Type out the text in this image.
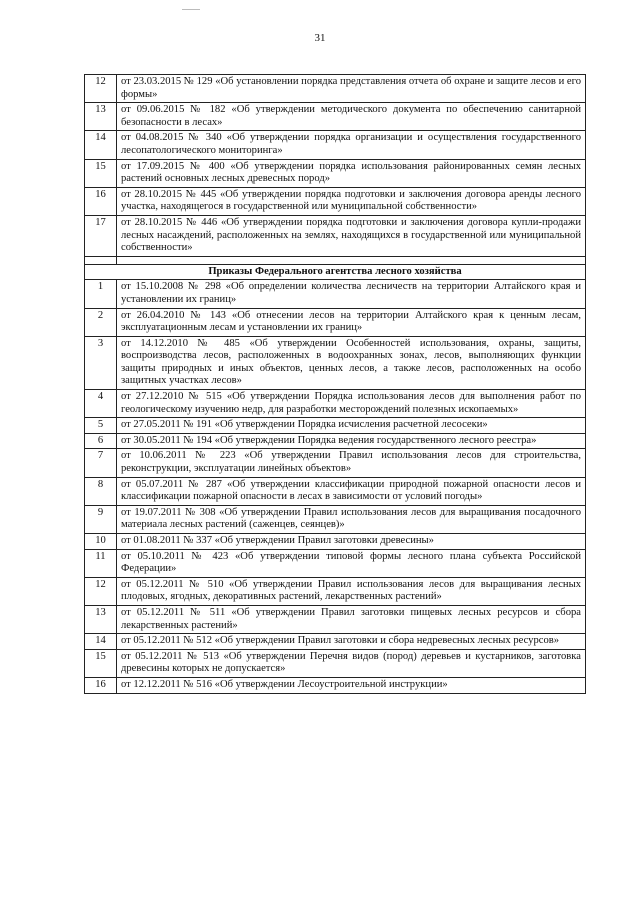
31
12	от 23.03.2015 № 129 «Об установлении порядка представления отчета об охране и защите лесов и его формы»
13	от 09.06.2015 № 182 «Об утверждении методического документа по обеспечению санитарной безопасности в лесах»
14	от 04.08.2015 № 340 «Об утверждении порядка организации и осуществления государственного лесопатологического мониторинга»
15	от 17.09.2015 № 400 «Об утверждении порядка использования районированных семян лесных растений основных лесных древесных пород»
16	от 28.10.2015 № 445 «Об утверждении порядка подготовки и заключения договора аренды лесного участка, находящегося в государственной или муниципальной собственности»
17	от 28.10.2015 № 446 «Об утверждении порядка подготовки и заключения договора купли-продажи лесных насаждений, расположенных на землях, находящихся в государственной или муниципальной собственности»

Приказы Федерального агентства лесного хозяйства	
1	от 15.10.2008 № 298 «Об определении количества лесничеств на территории Алтайского края и установлении их границ»
2	от 26.04.2010 № 143 «Об отнесении лесов на территории Алтайского края к ценным лесам, эксплуатационным лесам и установлении их границ»
3	от 14.12.2010 № 485 «Об утверждении Особенностей использования, охраны, защиты, воспроизводства лесов, расположенных в водоохранных зонах, лесов, выполняющих функции защиты природных и иных объектов, ценных лесов, а также лесов, расположенных на особо защитных участках лесов»
4	от 27.12.2010 № 515 «Об утверждении Порядка использования лесов для выполнения работ по геологическому изучению недр, для разработки месторождений полезных ископаемых»
5	от 27.05.2011 № 191 «Об утверждении Порядка исчисления расчетной лесосеки»
6	от 30.05.2011 № 194 «Об утверждении Порядка ведения государственного лесного реестра»
7	от 10.06.2011 № 223 «Об утверждении Правил использования лесов для строительства, реконструкции, эксплуатации линейных объектов»
8	от 05.07.2011 № 287 «Об утверждении классификации природной пожарной опасности лесов и классификации пожарной опасности в лесах в зависимости от условий погоды»
9	от 19.07.2011 № 308 «Об утверждении Правил использования лесов для выращивания посадочного материала лесных растений (саженцев, сеянцев)»
10	от 01.08.2011 № 337 «Об утверждении Правил заготовки древесины»
11	от 05.10.2011 № 423 «Об утверждении типовой формы лесного плана субъекта Российской Федерации»
12	от 05.12.2011 № 510 «Об утверждении Правил использования лесов для выращивания лесных плодовых, ягодных, декоративных растений, лекарственных растений»
13	от 05.12.2011 № 511 «Об утверждении Правил заготовки пищевых лесных ресурсов и сбора лекарственных растений»
14	от 05.12.2011 № 512 «Об утверждении Правил заготовки и сбора недревесных лесных ресурсов»
15	от 05.12.2011 № 513 «Об утверждении Перечня видов (пород) деревьев и кустарников, заготовка древесины которых не допускается»
16	от 12.12.2011 № 516 «Об утверждении Лесоустроительной инструкции»
